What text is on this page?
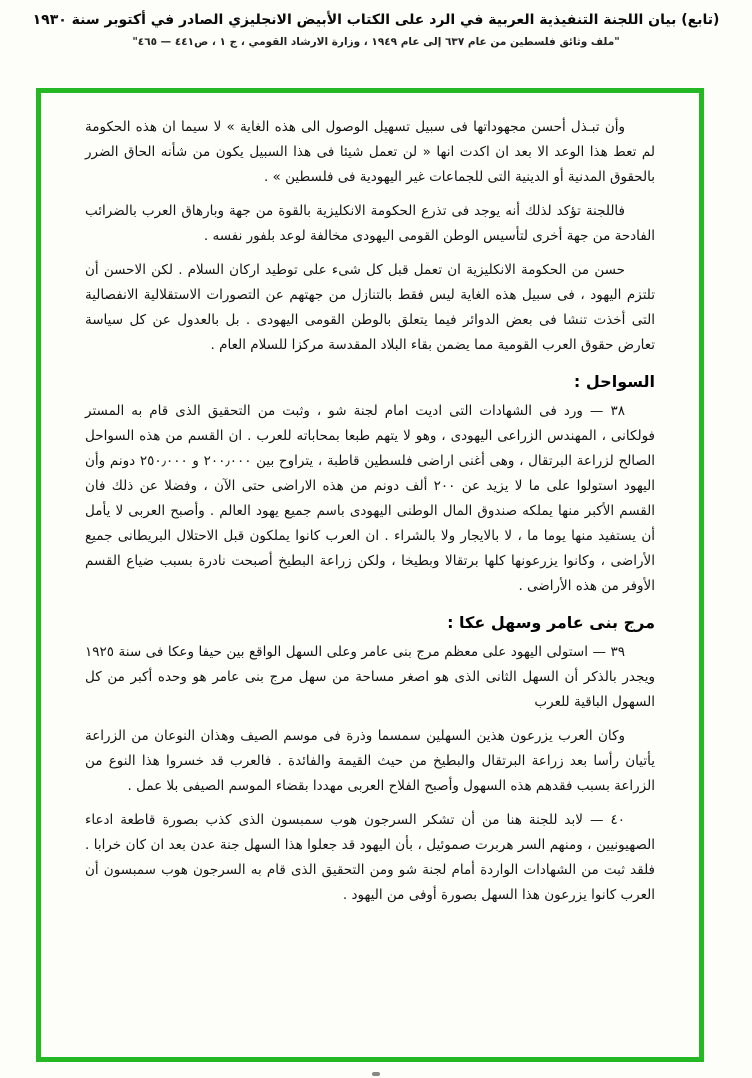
(تابع) بيان اللجنة التنفيذية العربية في الرد على الكتاب الأبيض الانجليزي الصادر في أكتوبر سنة ١٩٣٠
"ملف وثائق فلسطين من عام ٦٣٧ إلى عام ١٩٤٩ ، وزارة الارشاد القومي ، ج ١ ، ص٤٤١ — ٤٦٥"

وأن تبـذل أحسن مجهوداتها فى سبيل تسهيل الوصول الى هذه الغاية » لا سيما ان هذه الحكومة لم تعط هذا الوعد الا بعد ان اكدت انها « لن تعمل شيئا فى هذا السبيل يكون من شأنه الحاق الضرر بالحقوق المدنية أو الدينية التى للجماعات غير اليهودية فى فلسطين » .

فاللجنة تؤكد لذلك أنه يوجد فى تذرع الحكومة الانكليزية بالقوة من جهة وبارهاق العرب بالضرائب الفادحة من جهة أخرى لتأسيس الوطن القومى اليهودى مخالفة لوعد بلفور نفسه .

حسن من الحكومة الانكليزية ان تعمل قبل كل شىء على توطيد اركان السلام . لكن الاحسن أن تلتزم اليهود ، فى سبيل هذه الغاية ليس فقط بالتنازل من جهتهم عن التصورات الاستقلالية الانفصالية التى أخذت تنشا فى بعض الدوائر فيما يتعلق بالوطن القومى اليهودى . بل بالعدول عن كل سياسة تعارض حقوق العرب القومية مما يضمن بقاء البلاد المقدسة مركزا للسلام العام .

السواحل :

٣٨ — ورد فى الشهادات التى اديت امام لجنة شو ، وثبت من التحقيق الذى قام به المستر فولكانى ، المهندس الزراعى اليهودى ، وهو لا يتهم طبعا بمحاباته للعرب . ان القسم من هذه السواحل الصالح لزراعة البرتقال ، وهى أغنى اراضى فلسطين قاطبة ، يتراوح بين ٢٠٠٫٠٠٠ و ٢٥٠٫٠٠٠ دونم وأن اليهود استولوا على ما لا يزيد عن ٢٠٠ ألف دونم من هذه الاراضى حتى الآن ، وفضلا عن ذلك فان القسم الأكبر منها يملكه صندوق المال الوطنى اليهودى باسم جميع يهود العالم . وأصبح العربى لا يأمل أن يستفيد منها يوما ما ، لا بالايجار ولا بالشراء . ان العرب كانوا يملكون قبل الاحتلال البريطانى جميع الأراضى ، وكانوا يزرعونها كلها برتقالا وبطيخا ، ولكن زراعة البطيخ أصبحت نادرة بسبب ضياع القسم الأوفر من هذه الأراضى .

مرج بنى عامر وسهل عكا :

٣٩ — استولى اليهود على معظم مرج بنى عامر وعلى السهل الواقع بين حيفا وعكا فى سنة ١٩٢٥ ويجدر بالذكر أن السهل الثانى الذى هو اصغر مساحة من سهل مرج بنى عامر هو وحده أكبر من كل السهول الباقية للعرب

وكان العرب يزرعون هذين السهلين سمسما وذرة فى موسم الصيف وهذان النوعان من الزراعة يأتيان رأسا بعد زراعة البرتقال والبطيخ من حيث القيمة والفائدة . فالعرب قد خسروا هذا النوع من الزراعة بسبب فقدهم هذه السهول وأصبح الفلاح العربى مهددا بقضاء الموسم الصيفى بلا عمل .

٤٠ — لابد للجنة هنا من أن تشكر السرجون هوب سمبسون الذى كذب بصورة قاطعة ادعاء الصهيونيين ، ومنهم السر هربرت صموئيل ، بأن اليهود قد جعلوا هذا السهل جنة عدن بعد ان كان خرابا . فلقد ثبت من الشهادات الواردة أمام لجنة شو ومن التحقيق الذى قام به السرجون هوب سمبسون أن العرب كانوا يزرعون هذا السهل بصورة أوفى من اليهود .
